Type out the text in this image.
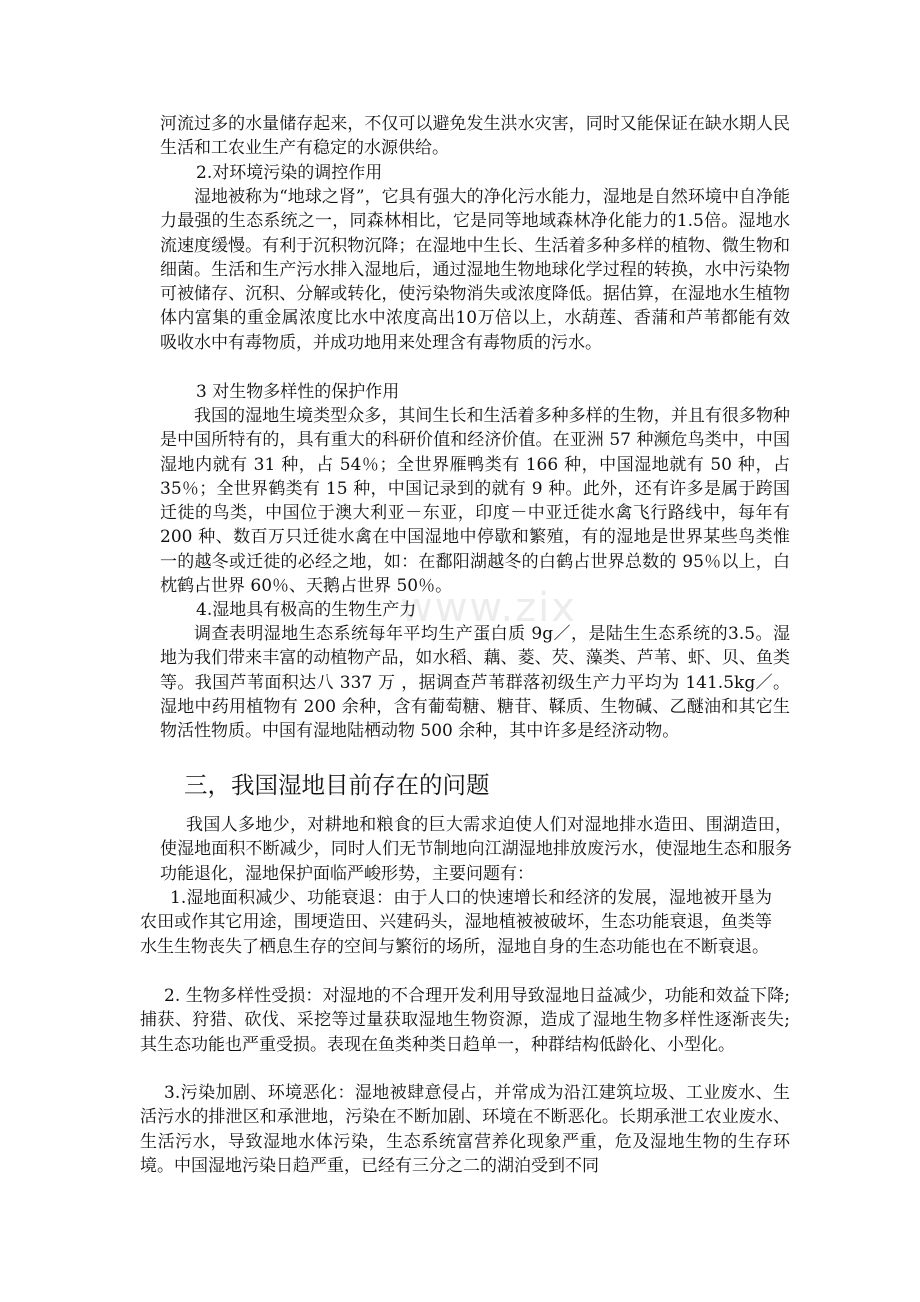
www.zix

河流过多的水量储存起来，不仅可以避免发生洪水灾害，同时又能保证在缺水期人民生活和工农业生产有稳定的水源供给。

2.对环境污染的调控作用

湿地被称为“地球之肾”，它具有强大的净化污水能力，湿地是自然环境中自净能力最强的生态系统之一，同森林相比，它是同等地域森林净化能力的1.5倍。湿地水流速度缓慢。有利于沉积物沉降；在湿地中生长、生活着多种多样的植物、微生物和细菌。生活和生产污水排入湿地后，通过湿地生物地球化学过程的转换，水中污染物可被储存、沉积、分解或转化，使污染物消失或浓度降低。据估算，在湿地水生植物体内富集的重金属浓度比水中浓度高出10万倍以上，水葫莲、香蒲和芦苇都能有效吸收水中有毒物质，并成功地用来处理含有毒物质的污水。

3 对生物多样性的保护作用

我国的湿地生境类型众多，其间生长和生活着多种多样的生物，并且有很多物种是中国所特有的，具有重大的科研价值和经济价值。在亚洲 57 种濒危鸟类中，中国湿地内就有 31 种，占 54％；全世界雁鸭类有 166 种，中国湿地就有 50 种，占 35％；全世界鹤类有 15 种，中国记录到的就有 9 种。此外，还有许多是属于跨国迁徙的鸟类，中国位于澳大利亚－东亚，印度－中亚迁徙水禽飞行路线中，每年有 200 种、数百万只迁徙水禽在中国湿地中停歇和繁殖，有的湿地是世界某些鸟类惟一的越冬或迁徙的必经之地，如：在鄱阳湖越冬的白鹤占世界总数的 95％以上，白枕鹤占世界 60％、天鹅占世界 50％。

4.湿地具有极高的生物生产力

调查表明湿地生态系统每年平均生产蛋白质 9g／，是陆生生态系统的3.5。湿地为我们带来丰富的动植物产品，如水稻、藕、菱、芡、藻类、芦苇、虾、贝、鱼类等。我国芦苇面积达八 337 万 ，据调查芦苇群落初级生产力平均为 141.5kg／。湿地中药用植物有 200 余种，含有葡萄糖、糖苷、鞣质、生物碱、乙醚油和其它生物活性物质。中国有湿地陆栖动物 500 余种，其中许多是经济动物。

三，我国湿地目前存在的问题

我国人多地少，对耕地和粮食的巨大需求迫使人们对湿地排水造田、围湖造田，使湿地面积不断减少，同时人们无节制地向江湖湿地排放废污水，使湿地生态和服务功能退化，湿地保护面临严峻形势，主要问题有：

1.湿地面积减少、功能衰退：由于人口的快速增长和经济的发展，湿地被开垦为农田或作其它用途，围埂造田、兴建码头，湿地植被被破坏，生态功能衰退，鱼类等水生生物丧失了栖息生存的空间与繁衍的场所，湿地自身的生态功能也在不断衰退。

2. 生物多样性受损：对湿地的不合理开发利用导致湿地日益减少，功能和效益下降;捕获、狩猎、砍伐、采挖等过量获取湿地生物资源，造成了湿地生物多样性逐渐丧失;其生态功能也严重受损。表现在鱼类种类日趋单一，种群结构低龄化、小型化。

3.污染加剧、环境恶化：湿地被肆意侵占，并常成为沿江建筑垃圾、工业废水、生活污水的排泄区和承泄地，污染在不断加剧、环境在不断恶化。长期承泄工农业废水、生活污水，导致湿地水体污染，生态系统富营养化现象严重，危及湿地生物的生存环境。中国湿地污染日趋严重，已经有三分之二的湖泊受到不同
